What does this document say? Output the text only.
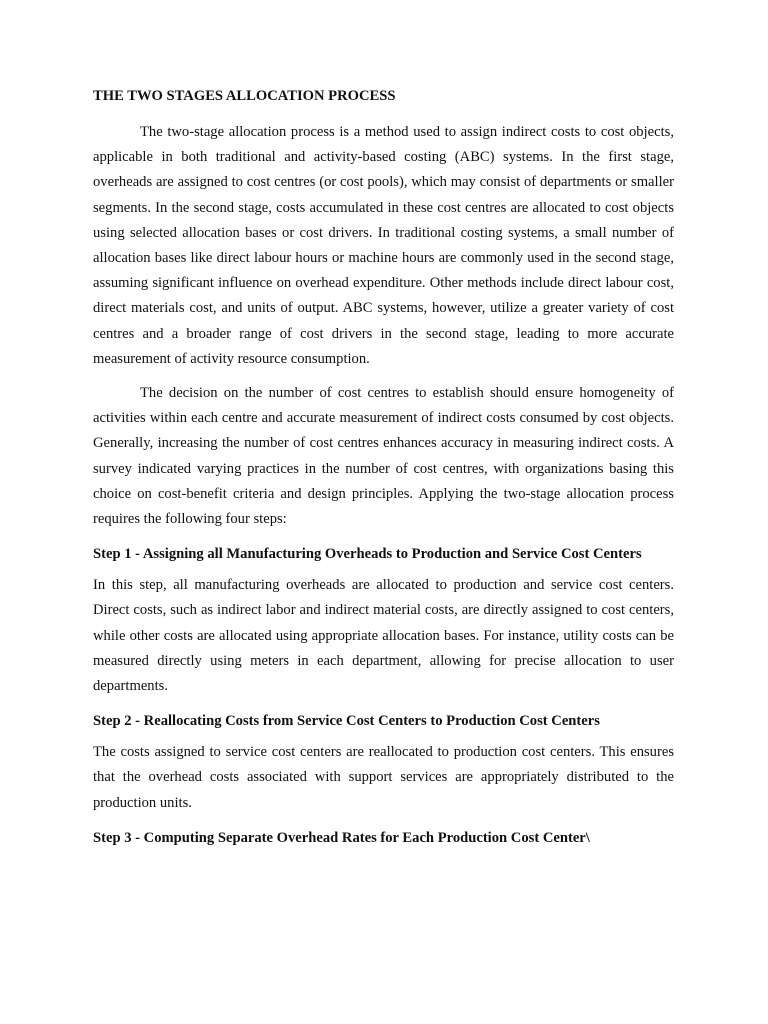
THE TWO STAGES ALLOCATION PROCESS

The two-stage allocation process is a method used to assign indirect costs to cost objects, applicable in both traditional and activity-based costing (ABC) systems. In the first stage, overheads are assigned to cost centres (or cost pools), which may consist of departments or smaller segments. In the second stage, costs accumulated in these cost centres are allocated to cost objects using selected allocation bases or cost drivers. In traditional costing systems, a small number of allocation bases like direct labour hours or machine hours are commonly used in the second stage, assuming significant influence on overhead expenditure. Other methods include direct labour cost, direct materials cost, and units of output. ABC systems, however, utilize a greater variety of cost centres and a broader range of cost drivers in the second stage, leading to more accurate measurement of activity resource consumption.

The decision on the number of cost centres to establish should ensure homogeneity of activities within each centre and accurate measurement of indirect costs consumed by cost objects. Generally, increasing the number of cost centres enhances accuracy in measuring indirect costs. A survey indicated varying practices in the number of cost centres, with organizations basing this choice on cost-benefit criteria and design principles. Applying the two-stage allocation process requires the following four steps:

Step 1 - Assigning all Manufacturing Overheads to Production and Service Cost Centers

In this step, all manufacturing overheads are allocated to production and service cost centers. Direct costs, such as indirect labor and indirect material costs, are directly assigned to cost centers, while other costs are allocated using appropriate allocation bases. For instance, utility costs can be measured directly using meters in each department, allowing for precise allocation to user departments.

Step 2 - Reallocating Costs from Service Cost Centers to Production Cost Centers

The costs assigned to service cost centers are reallocated to production cost centers. This ensures that the overhead costs associated with support services are appropriately distributed to the production units.

Step 3 - Computing Separate Overhead Rates for Each Production Cost Center\
